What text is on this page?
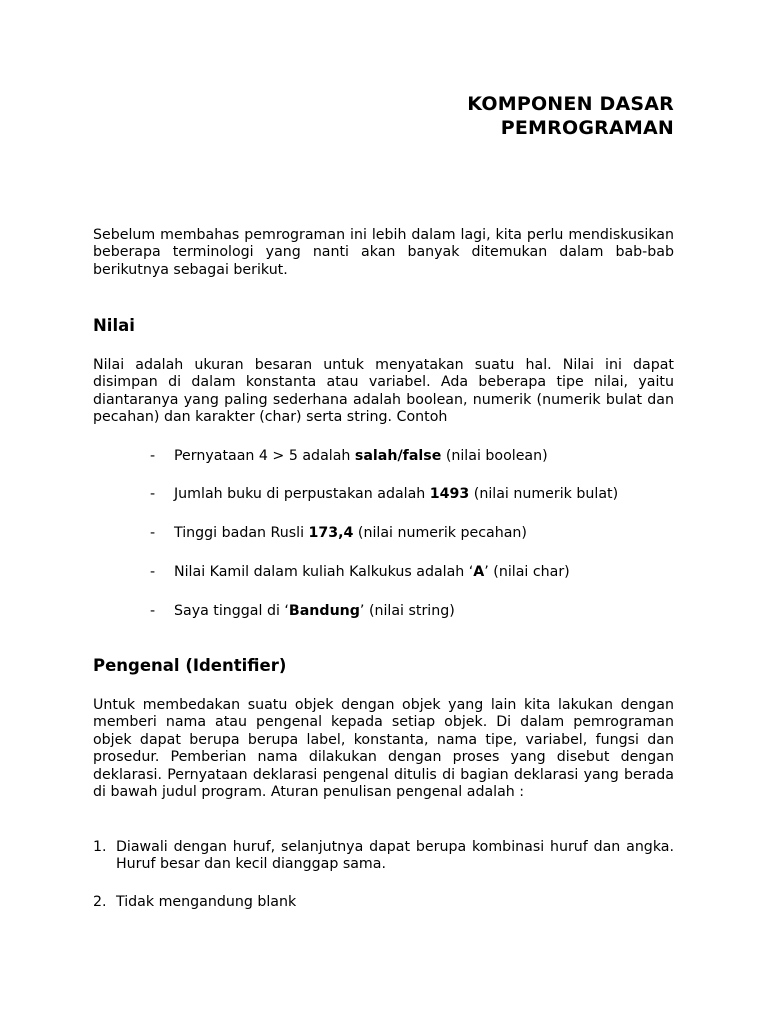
KOMPONEN DASAR
PEMROGRAMAN

Sebelum membahas pemrograman ini lebih dalam lagi, kita perlu mendiskusikan beberapa terminologi yang nanti akan banyak ditemukan dalam bab-bab berikutnya sebagai berikut.

Nilai

Nilai adalah ukuran besaran untuk menyatakan suatu hal. Nilai ini dapat disimpan di dalam konstanta atau variabel. Ada beberapa tipe nilai, yaitu diantaranya yang paling sederhana adalah boolean, numerik (numerik bulat dan pecahan) dan karakter (char) serta string. Contoh

- Pernyataan 4 > 5 adalah salah/false (nilai boolean)
- Jumlah buku di perpustakan adalah 1493 (nilai numerik bulat)
- Tinggi badan Rusli 173,4 (nilai numerik pecahan)
- Nilai Kamil dalam kuliah Kalkukus adalah ‘A’ (nilai char)
- Saya tinggal di ‘Bandung’ (nilai string)
Pengenal (Identifier)

Untuk membedakan suatu objek dengan objek yang lain kita lakukan dengan memberi nama atau pengenal kepada setiap objek. Di dalam pemrograman objek dapat berupa berupa label, konstanta, nama tipe, variabel, fungsi dan prosedur. Pemberian nama dilakukan dengan proses yang disebut dengan deklarasi. Pernyataan deklarasi pengenal ditulis di bagian deklarasi yang berada di bawah judul program. Aturan penulisan pengenal adalah :

1. Diawali dengan huruf, selanjutnya dapat berupa kombinasi huruf dan angka. Huruf besar dan kecil dianggap sama.
2. Tidak mengandung blank
